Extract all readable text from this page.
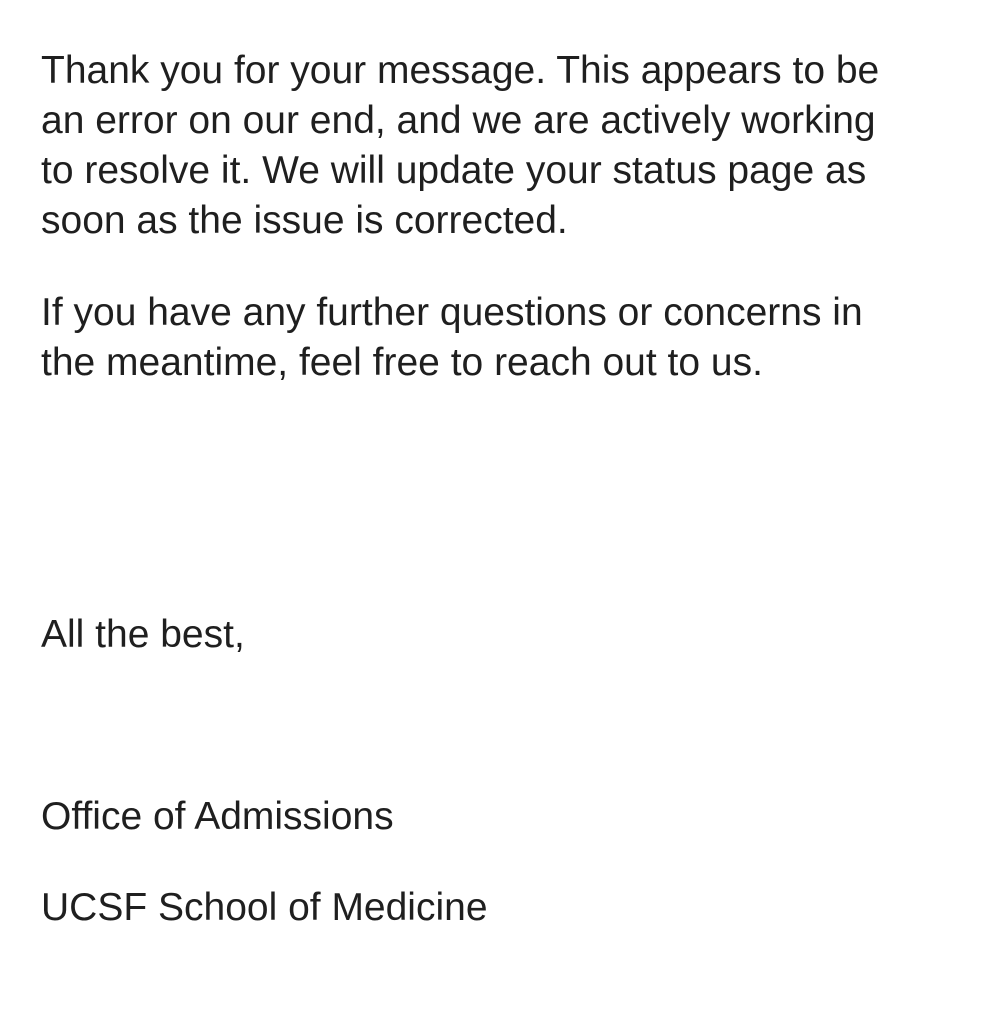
Thank you for your message. This appears to be
an error on our end, and we are actively working
to resolve it. We will update your status page as
soon as the issue is corrected.

If you have any further questions or concerns in
the meantime, feel free to reach out to us.

All the best,

Office of Admissions

UCSF School of Medicine
